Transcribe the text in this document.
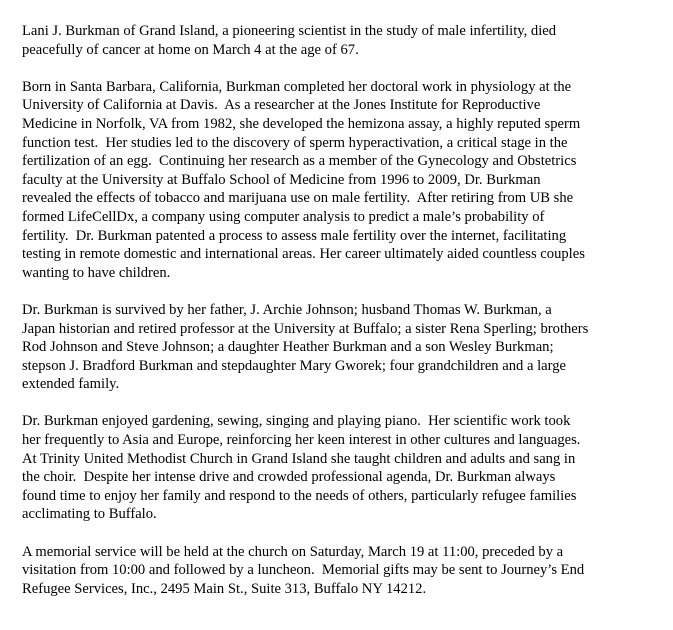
Lani J. Burkman of Grand Island, a pioneering scientist in the study of male infertility, died
peacefully of cancer at home on March 4 at the age of 67.
Born in Santa Barbara, California, Burkman completed her doctoral work in physiology at the
University of California at Davis.  As a researcher at the Jones Institute for Reproductive
Medicine in Norfolk, VA from 1982, she developed the hemizona assay, a highly reputed sperm
function test.  Her studies led to the discovery of sperm hyperactivation, a critical stage in the
fertilization of an egg.  Continuing her research as a member of the Gynecology and Obstetrics
faculty at the University at Buffalo School of Medicine from 1996 to 2009, Dr. Burkman
revealed the effects of tobacco and marijuana use on male fertility.  After retiring from UB she
formed LifeCellDx, a company using computer analysis to predict a male’s probability of
fertility.  Dr. Burkman patented a process to assess male fertility over the internet, facilitating
testing in remote domestic and international areas. Her career ultimately aided countless couples
wanting to have children.
Dr. Burkman is survived by her father, J. Archie Johnson; husband Thomas W. Burkman, a
Japan historian and retired professor at the University at Buffalo; a sister Rena Sperling; brothers
Rod Johnson and Steve Johnson; a daughter Heather Burkman and a son Wesley Burkman;
stepson J. Bradford Burkman and stepdaughter Mary Gworek; four grandchildren and a large
extended family.
Dr. Burkman enjoyed gardening, sewing, singing and playing piano.  Her scientific work took
her frequently to Asia and Europe, reinforcing her keen interest in other cultures and languages.
At Trinity United Methodist Church in Grand Island she taught children and adults and sang in
the choir.  Despite her intense drive and crowded professional agenda, Dr. Burkman always
found time to enjoy her family and respond to the needs of others, particularly refugee families
acclimating to Buffalo.
A memorial service will be held at the church on Saturday, March 19 at 11:00, preceded by a
visitation from 10:00 and followed by a luncheon.  Memorial gifts may be sent to Journey’s End
Refugee Services, Inc., 2495 Main St., Suite 313, Buffalo NY 14212.
